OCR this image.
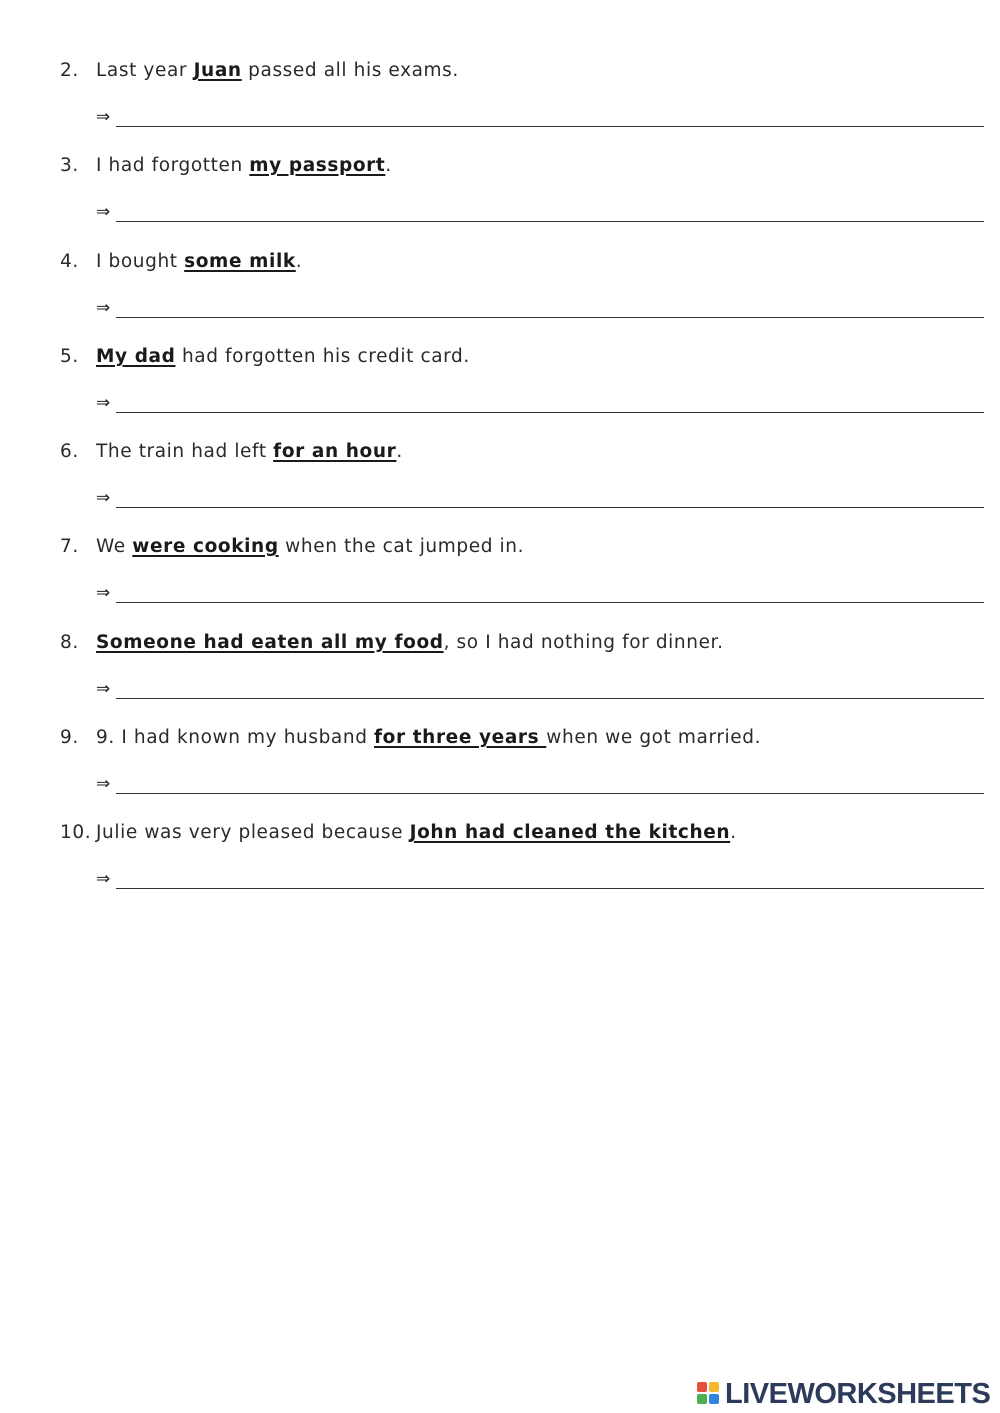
2. Last year Juan passed all his exams.
⇒
3. I had forgotten my passport.
⇒
4. I bought some milk.
⇒
5. My dad had forgotten his credit card.
⇒
6. The train had left for an hour.
⇒
7. We were cooking when the cat jumped in.
⇒
8. Someone had eaten all my food, so I had nothing for dinner.
⇒
9. 9. I had known my husband for three years when we got married.
⇒
10. Julie was very pleased because John had cleaned the kitchen.
⇒
LIVEWORKSHEETS
